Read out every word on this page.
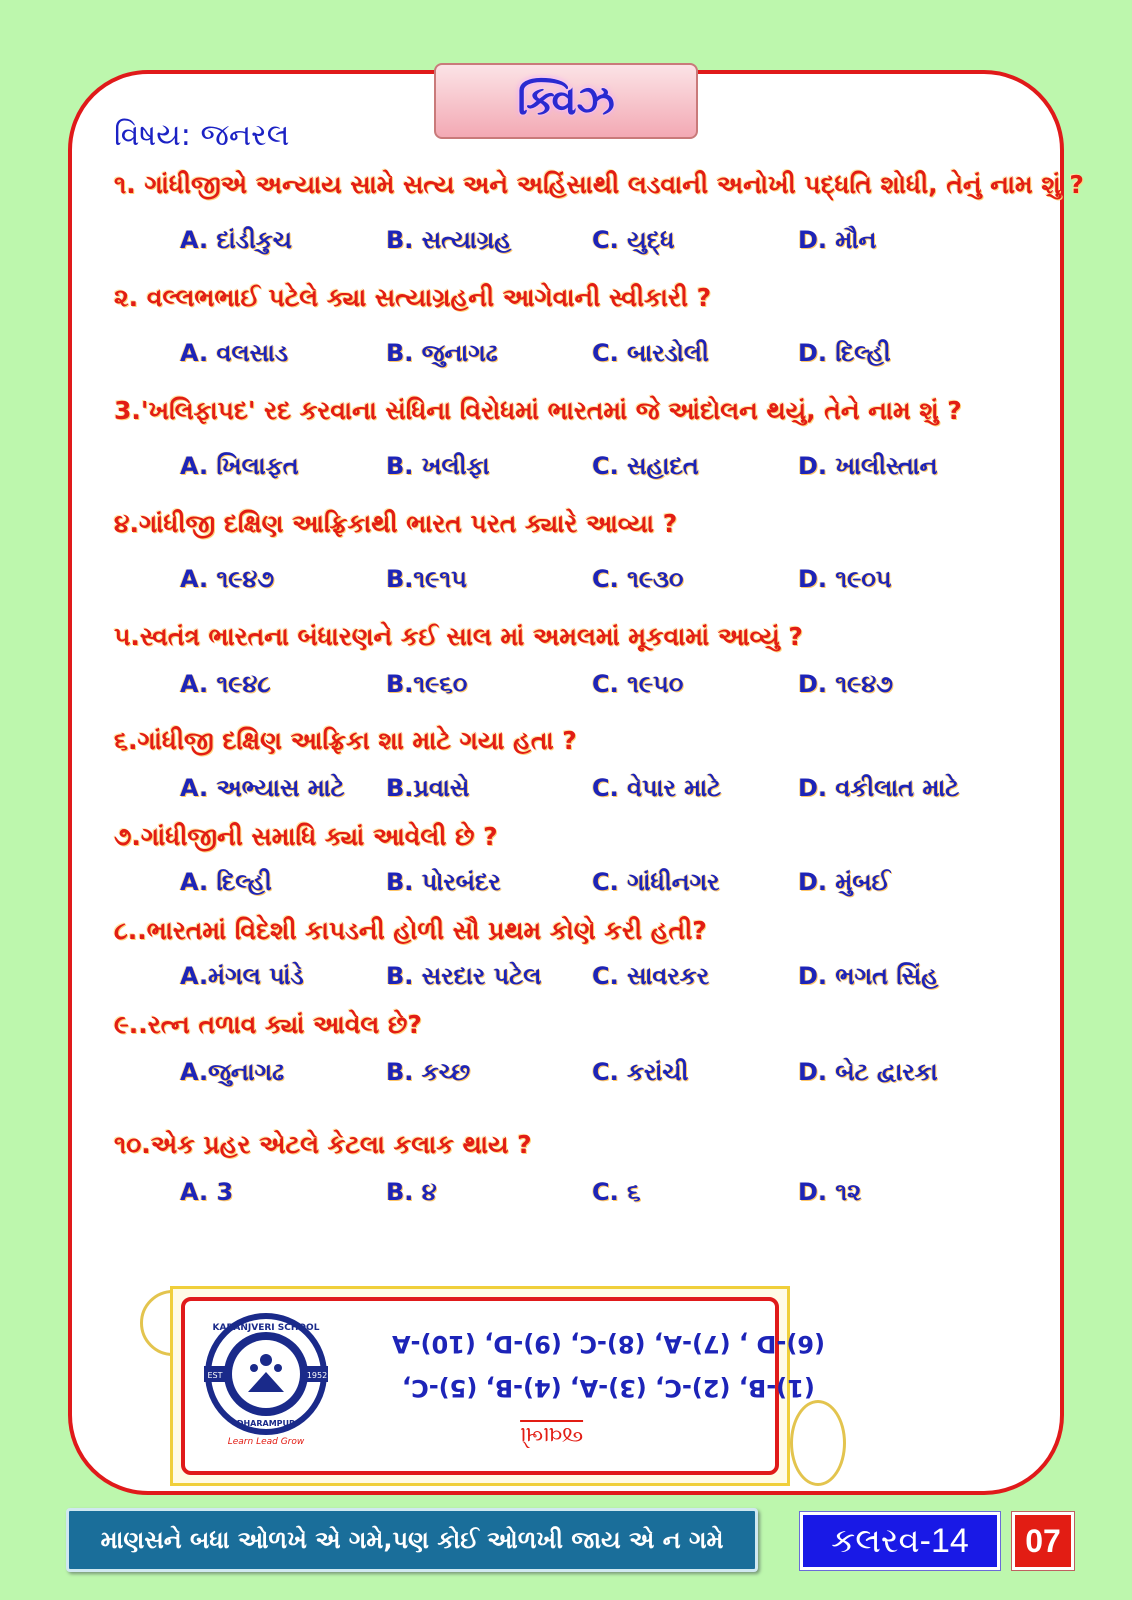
ક્વિઝ
વિષય: જનરલ
૧. ગાંધીજીએ અન્યાય સામે સત્ય અને અહિંસાથી લડવાની અનોખી પદ્ધતિ શોધી, તેનું નામ શું ?
A. દાંડીકુચ	B. સત્યાગ્રહ	C. યુદ્ધ	D. મૌન
૨. વલ્લભભાઈ પટેલે ક્યા સત્યાગ્રહની આગેવાની સ્વીકારી ?
A. વલસાડ	B. જુનાગઢ	C. બારડોલી	D. દિલ્હી
3.'ખલિફાપદ' રદ કરવાના સંધિના વિરોધમાં ભારતમાં જે આંદોલન થયું, તેને નામ શું ?
A. ખિલાફત	B. ખલીફા	C. સહાદત	D. ખાલીસ્તાન
૪.ગાંધીજી દક્ષિણ આફ્રિકાથી ભારત પરત ક્યારે આવ્યા ?
A. ૧૯૪૭	B.૧૯૧૫	C. ૧૯૩૦	D. ૧૯૦૫
૫.સ્વતંત્ર ભારતના બંધારણને કઈ સાલ માં અમલમાં મૂકવામાં આવ્યું ?
A. ૧૯૪૮	B.૧૯૬૦	C. ૧૯૫૦	D. ૧૯૪૭
૬.ગાંધીજી દક્ષિણ આફ્રિકા શા માટે ગયા હતા ?
A. અભ્યાસ માટે B.પ્રવાસે	C. વેપાર માટે	D. વકીલાત માટે
૭.ગાંધીજીની સમાધિ ક્યાં આવેલી છે ?
A. દિલ્હી	B. પોરબંદર	C. ગાંધીનગર	D. મુંબઈ
૮..ભારતમાં વિદેશી કાપડની હોળી સૌ પ્રથમ કોણે કરી હતી?
A.મંગલ પાંડે	B. સરદાર પટેલ C. સાવરકર	D. ભગત સિંહ
૯..રત્ન તળાવ ક્યાં આવેલ છે?
A.જુનાગઢ	B. કચ્છ	C. કરાંચી	D. બેટ દ્વારકા
૧૦.એક પ્રહર એટલે કેટલા કલાક થાય ?
A. 3	B. ૪	C. ૬	D. ૧૨
EST	1952
KARANJVERI SCHOOL
DHARAMPUR
Learn Lead Grow
(6)-D , (7)-A, (8)-C, (9)-D, (10)-A
(1)-B, (2)-C, (3)-A, (4)-B, (5)-C,
જવાબો
માણસને બધા ઓળખે એ ગમે,પણ કોઈ ઓળખી જાય એ ન ગમે	કલરવ-14	07
